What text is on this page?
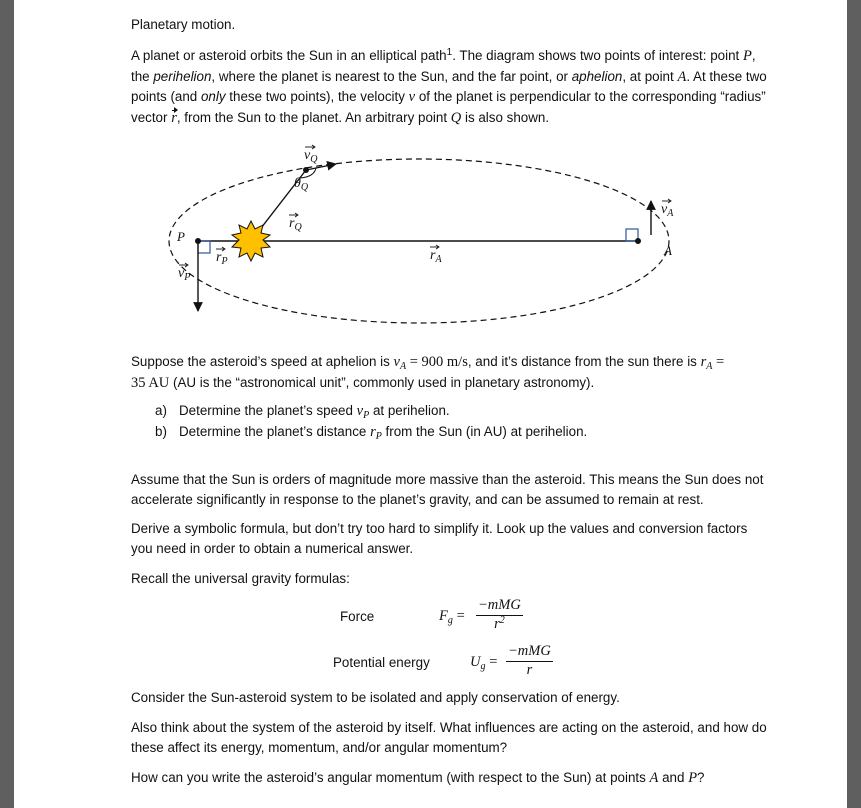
Planetary motion.

A planet or asteroid orbits the Sun in an elliptical path$^1$. The diagram shows two points of interest: point P, the perihelion, where the planet is nearest to the Sun, and the far point, or aphelion, at point A. At these two points (and only these two points), the velocity v of the planet is perpendicular to the corresponding “radius” vector r, from the Sun to the planet. An arbitrary point Q is also shown.

$v_Q$
$\theta_Q$
$r_Q$
$v_A$
P
A
$r_P$	$r_A$
$v_P$

Suppose the asteroid’s speed at aphelion is $v_A = 900$ m/s, and it’s distance from the sun there is $r_A$ =
35 AU (AU is the “astronomical unit”, commonly used in planetary astronomy).

a) Determine the planet’s speed $v_P$ at perihelion.
b) Determine the planet’s distance $r_P$ from the Sun (in AU) at perihelion.

Assume that the Sun is orders of magnitude more massive than the asteroid. This means the Sun does not accelerate significantly in response to the planet’s gravity, and can be assumed to remain at rest.

Derive a symbolic formula, but don’t try too hard to simplify it. Look up the values and conversion factors you need in order to obtain a numerical answer.

Recall the universal gravity formulas:

Force	$F_g$ =
−mMG
$r^2$
Potential energy	$U_g$ =
−mMG
r

Consider the Sun-asteroid system to be isolated and apply conservation of energy.

Also think about the system of the asteroid by itself. What influences are acting on the asteroid, and how do these affect its energy, momentum, and/or angular momentum?

How can you write the asteroid’s angular momentum (with respect to the Sun) at points A and P?
